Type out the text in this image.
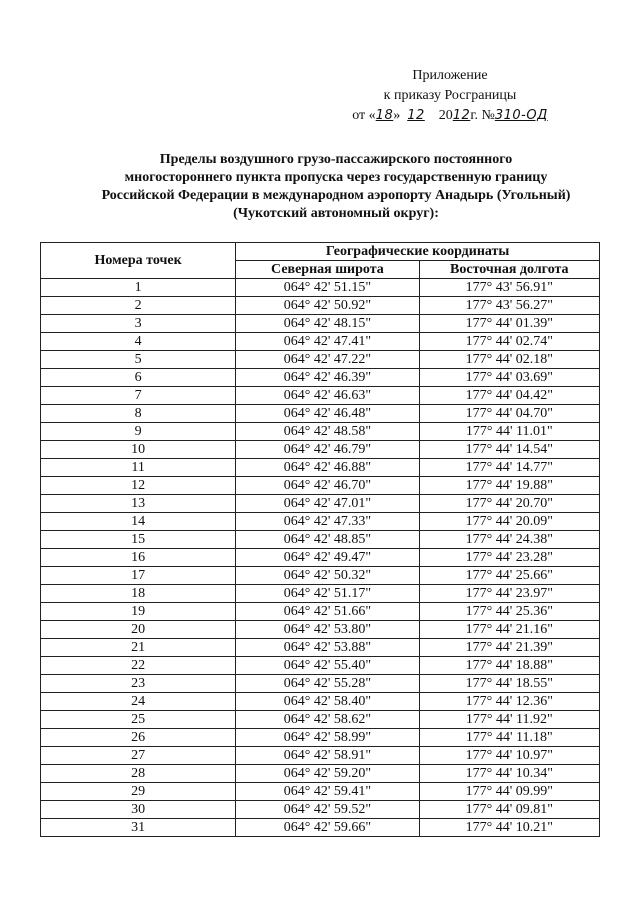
Приложение
к приказу Росграницы
от «18» 12 2012г. №310-ОД
Пределы воздушного грузо-пассажирского постоянного
многостороннего пункта пропуска через государственную границу
Российской Федерации в международном аэропорту Анадырь (Угольный)
(Чукотский автономный округ):
Номера точек	Географические координаты	
	Северная широта	Восточная долгота
1	064° 42' 51.15"	177° 43' 56.91"
2	064° 42' 50.92"	177° 43' 56.27"
3	064° 42' 48.15"	177° 44' 01.39"
4	064° 42' 47.41"	177° 44' 02.74"
5	064° 42' 47.22"	177° 44' 02.18"
6	064° 42' 46.39"	177° 44' 03.69"
7	064° 42' 46.63"	177° 44' 04.42"
8	064° 42' 46.48"	177° 44' 04.70"
9	064° 42' 48.58"	177° 44' 11.01"
10	064° 42' 46.79"	177° 44' 14.54"
11	064° 42' 46.88"	177° 44' 14.77"
12	064° 42' 46.70"	177° 44' 19.88"
13	064° 42' 47.01"	177° 44' 20.70"
14	064° 42' 47.33"	177° 44' 20.09"
15	064° 42' 48.85"	177° 44' 24.38"
16	064° 42' 49.47"	177° 44' 23.28"
17	064° 42' 50.32"	177° 44' 25.66"
18	064° 42' 51.17"	177° 44' 23.97"
19	064° 42' 51.66"	177° 44' 25.36"
20	064° 42' 53.80"	177° 44' 21.16"
21	064° 42' 53.88"	177° 44' 21.39"
22	064° 42' 55.40"	177° 44' 18.88"
23	064° 42' 55.28"	177° 44' 18.55"
24	064° 42' 58.40"	177° 44' 12.36"
25	064° 42' 58.62"	177° 44' 11.92"
26	064° 42' 58.99"	177° 44' 11.18"
27	064° 42' 58.91"	177° 44' 10.97"
28	064° 42' 59.20"	177° 44' 10.34"
29	064° 42' 59.41"	177° 44' 09.99"
30	064° 42' 59.52"	177° 44' 09.81"
31	064° 42' 59.66"	177° 44' 10.21"
